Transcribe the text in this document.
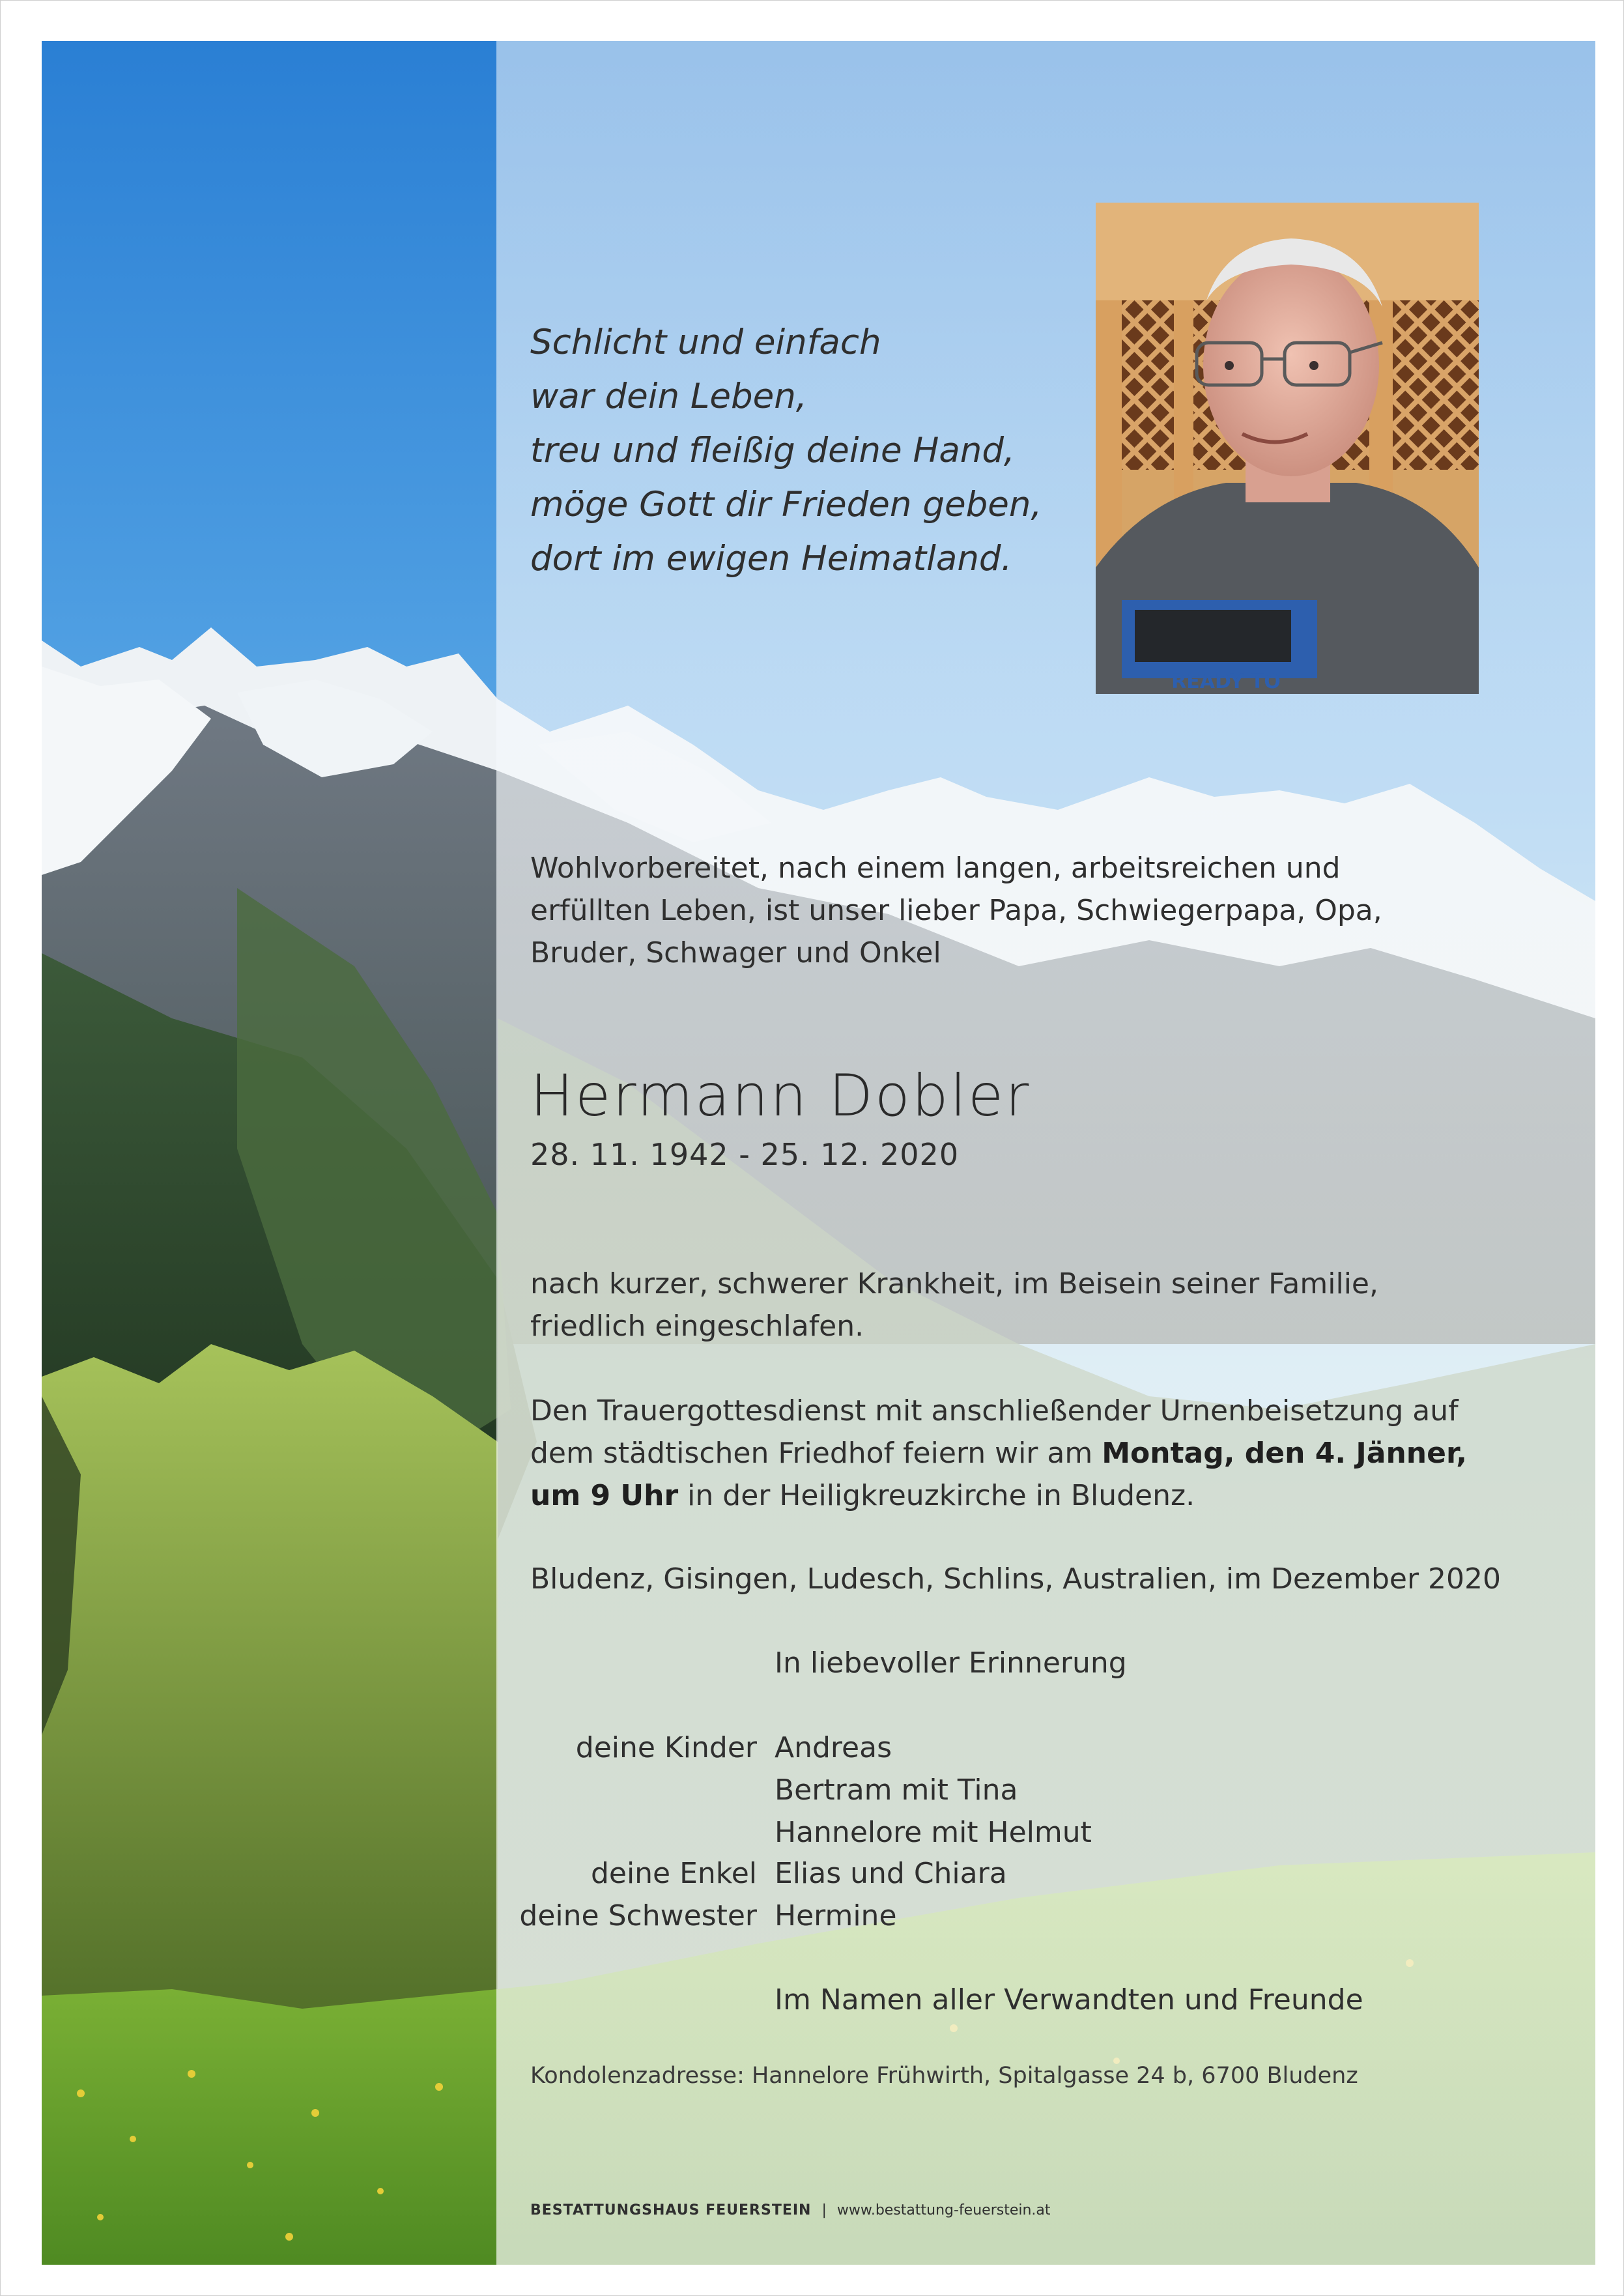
Schlicht und einfach
war dein Leben,
treu und fleißig deine Hand,
möge Gott dir Frieden geben,
dort im ewigen Heimatland.
READY TO
Wohlvorbereitet, nach einem langen, arbeitsreichen und erfüllten Leben, ist unser lieber Papa, Schwiegerpapa, Opa, Bruder, Schwager und Onkel
Hermann Dobler
28. 11. 1942 - 25. 12. 2020
nach kurzer, schwerer Krankheit, im Beisein seiner Familie, friedlich eingeschlafen.
Den Trauergottesdienst mit anschließender Urnenbeisetzung auf dem städtischen Friedhof feiern wir am Montag, den 4. Jänner, um 9 Uhr in der Heiligkreuzkirche in Bludenz.
Bludenz, Gisingen, Ludesch, Schlins, Australien, im Dezember 2020
In liebevoller Erinnerung
deine Kinder Andreas
Bertram mit Tina
Hannelore mit Helmut
deine Enkel Elias und Chiara
deine Schwester Hermine
Im Namen aller Verwandten und Freunde
Kondolenzadresse: Hannelore Frühwirth, Spitalgasse 24 b, 6700 Bludenz
BESTATTUNGSHAUS FEUERSTEIN | www.bestattung-feuerstein.at
